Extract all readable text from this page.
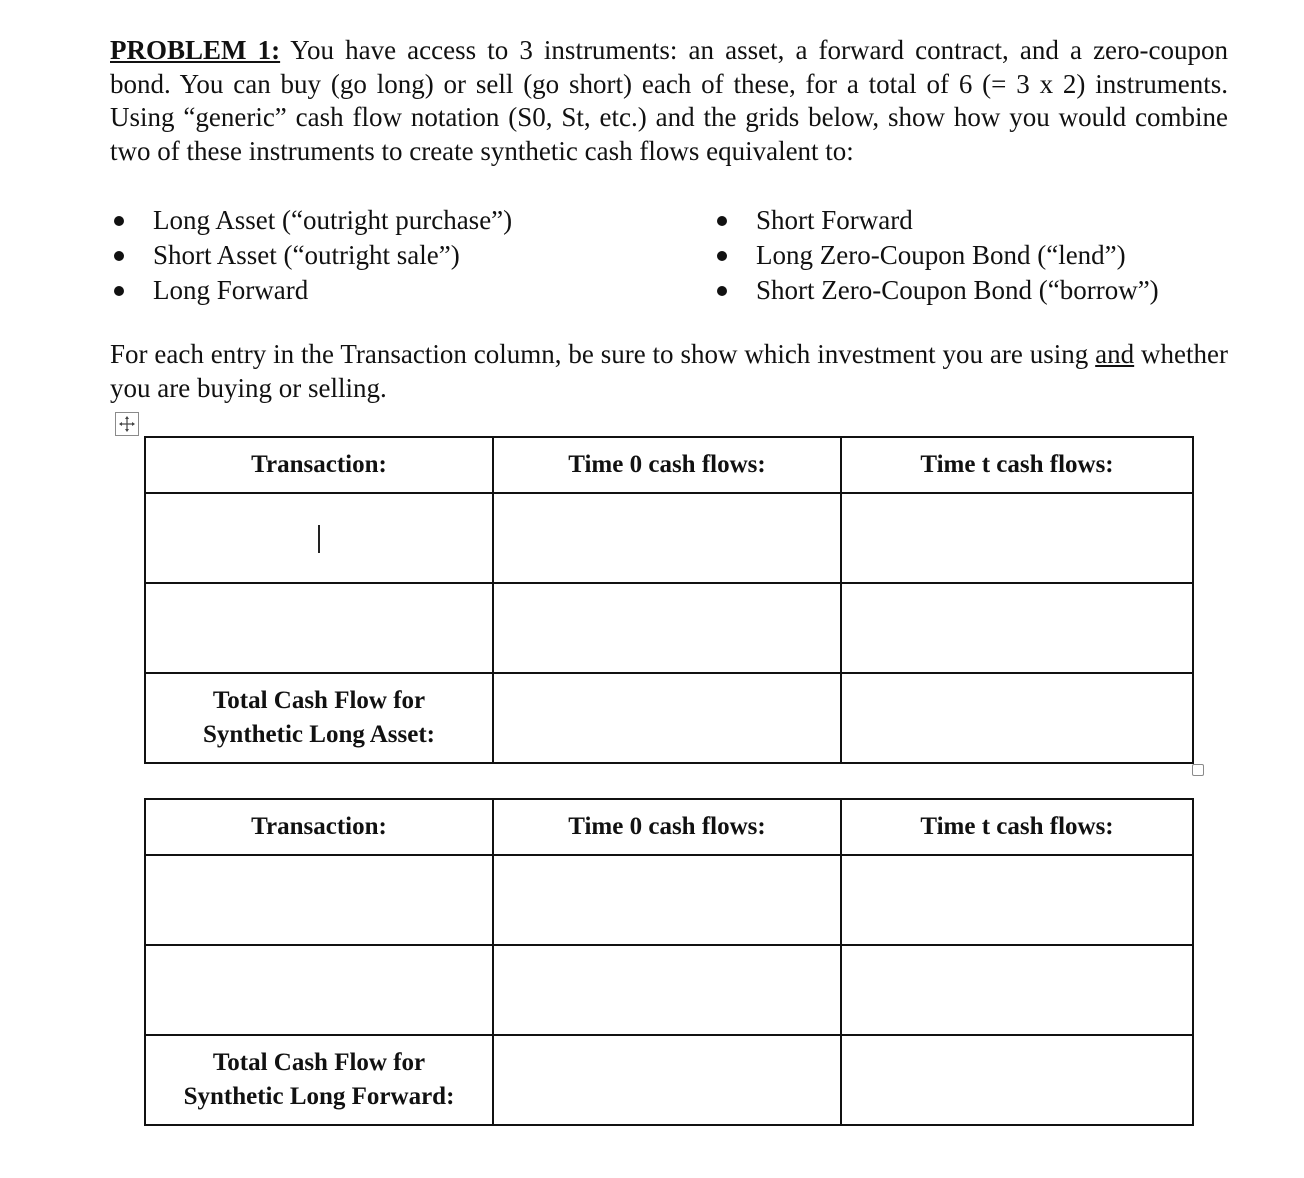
PROBLEM 1: You have access to 3 instruments: an asset, a forward contract, and a zero-coupon bond. You can buy (go long) or sell (go short) each of these, for a total of 6 (= 3 x 2) instruments. Using “generic” cash flow notation (S0, St, etc.) and the grids below, show how you would combine two of these instruments to create synthetic cash flows equivalent to:

Long Asset (“outright purchase”)
Short Asset (“outright sale”)
Long Forward
Short Forward
Long Zero-Coupon Bond (“lend”)
Short Zero-Coupon Bond (“borrow”)

For each entry in the Transaction column, be sure to show which investment you are using and whether you are buying or selling.

Transaction:	Time 0 cash flows:	Time t cash flows:

Total Cash Flow for
Synthetic Long Asset:		
Transaction:	Time 0 cash flows:	Time t cash flows:

Total Cash Flow for
Synthetic Long Forward:		
